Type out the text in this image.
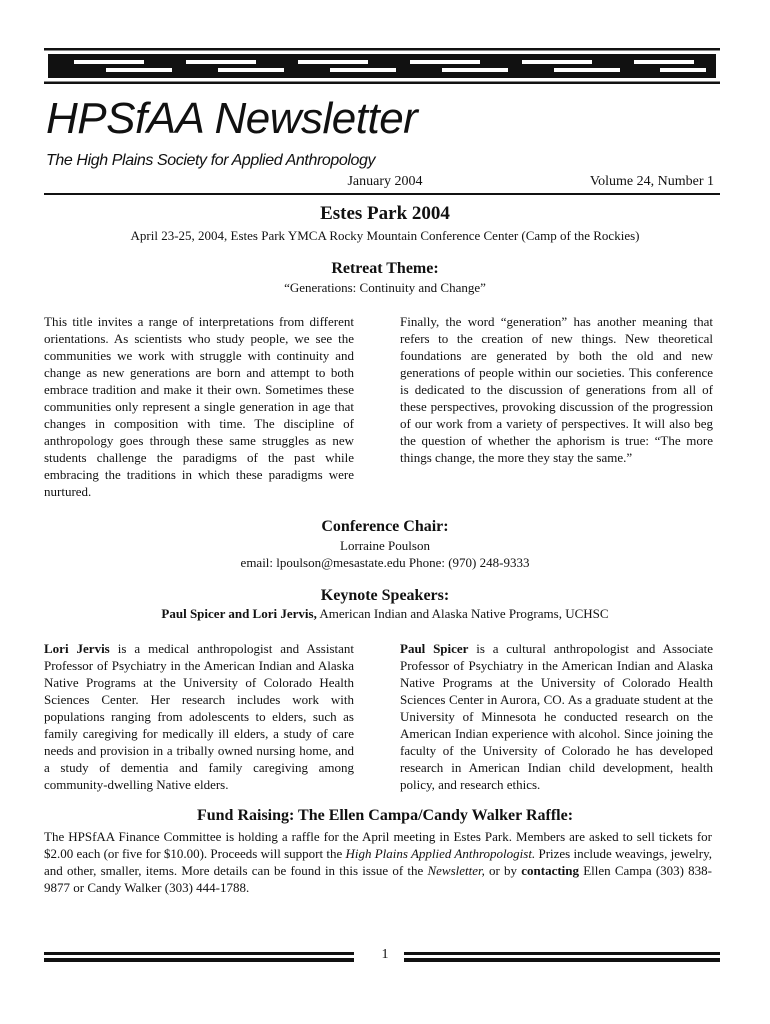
HPSfAA Newsletter
The High Plains Society for Applied Anthropology
January 2004	Volume 24, Number 1
Estes Park 2004
April 23-25, 2004, Estes Park YMCA Rocky Mountain Conference Center (Camp of the Rockies)
Retreat Theme:
“Generations: Continuity and Change”
This title invites a range of interpretations from different orientations. As scientists who study people, we see the communities we work with struggle with continuity and change as new generations are born and attempt to both embrace tradition and make it their own. Sometimes these communities only represent a single generation in age that changes in composition with time. The discipline of anthropology goes through these same struggles as new students challenge the paradigms of the past while embracing the traditions in which these paradigms were nurtured.
Finally, the word “generation” has another meaning that refers to the creation of new things. New theoretical foundations are generated by both the old and new generations of people within our societies. This conference is dedicated to the discussion of generations from all of these perspectives, provoking discussion of the progression of our work from a variety of perspectives. It will also beg the question of whether the aphorism is true: “The more things change, the more they stay the same.”
Conference Chair:
Lorraine Poulson
email: lpoulson@mesastate.edu Phone: (970) 248-9333
Keynote Speakers:
Paul Spicer and Lori Jervis, American Indian and Alaska Native Programs, UCHSC
Lori Jervis is a medical anthropologist and Assistant Professor of Psychiatry in the American Indian and Alaska Native Programs at the University of Colorado Health Sciences Center. Her research includes work with populations ranging from adolescents to elders, such as family caregiving for medically ill elders, a study of care needs and provision in a tribally owned nursing home, and a study of dementia and family caregiving among community-dwelling Native elders.
Paul Spicer is a cultural anthropologist and Associate Professor of Psychiatry in the American Indian and Alaska Native Programs at the University of Colorado Health Sciences Center in Aurora, CO. As a graduate student at the University of Minnesota he conducted research on the American Indian experience with alcohol. Since joining the faculty of the University of Colorado he has developed research in American Indian child development, health policy, and research ethics.
Fund Raising: The Ellen Campa/Candy Walker Raffle:
The HPSfAA Finance Committee is holding a raffle for the April meeting in Estes Park. Members are asked to sell tickets for $2.00 each (or five for $10.00). Proceeds will support the High Plains Applied Anthropologist. Prizes include weavings, jewelry, and other, smaller, items. More details can be found in this issue of the Newsletter, or by contacting Ellen Campa (303) 838-9877 or Candy Walker (303) 444-1788.
1
